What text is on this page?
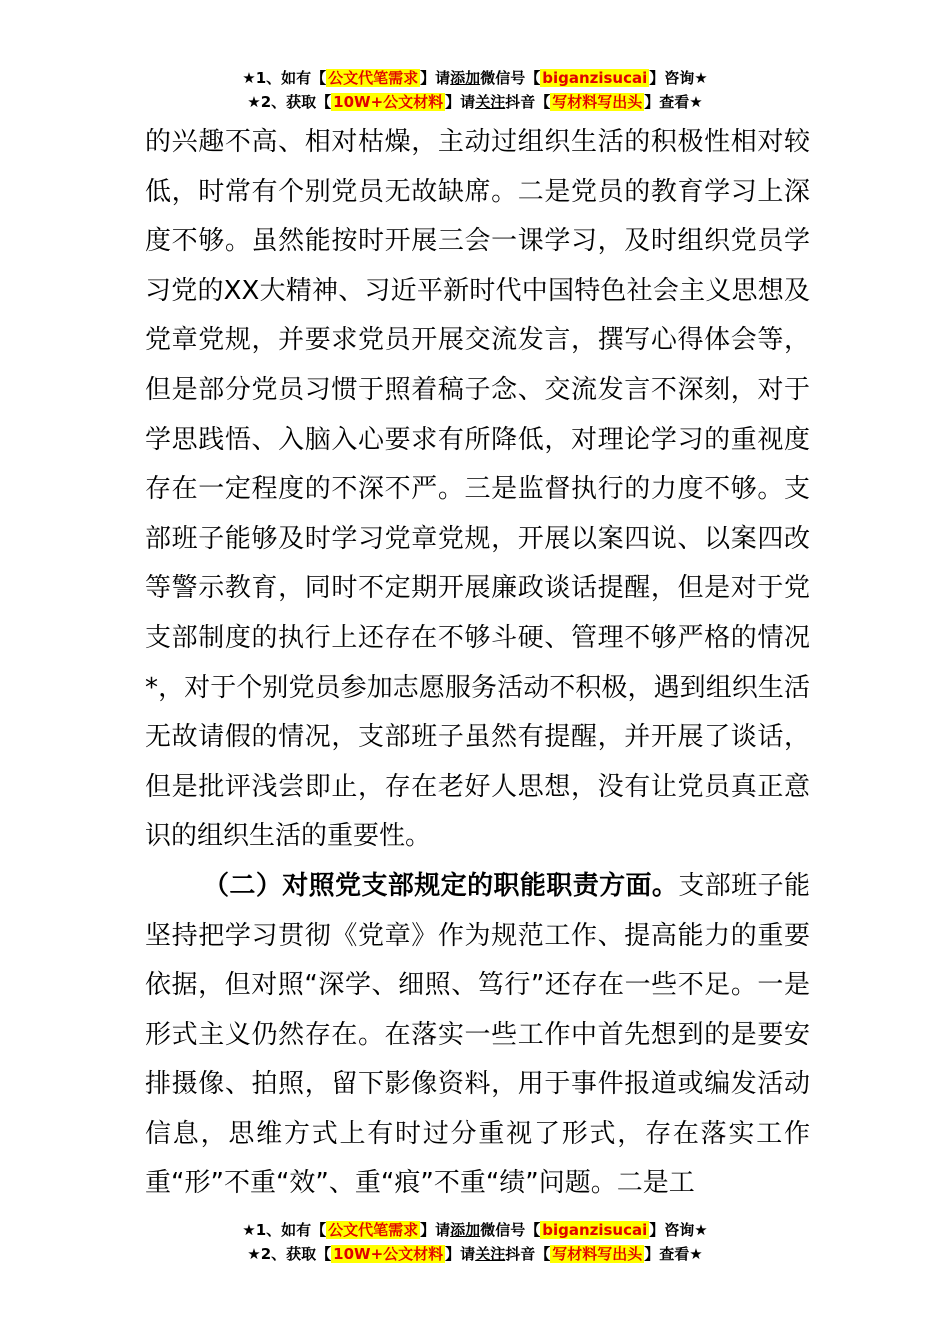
★1、如有【 公文代笔需求 】请添加微信号【 biganzisucai 】咨询★
★2、获取【 10W+公文材料 】请关注抖音【 写材料写出头 】查看★

的兴趣不高、相对枯燥，主动过组织生活的积极性相对较低，时常有个别党员无故缺席。二是党员的教育学习上深度不够。虽然能按时开展三会一课学习，及时组织党员学习党的XX大精神、习近平新时代中国特色社会主义思想及党章党规，并要求党员开展交流发言，撰写心得体会等，但是部分党员习惯于照着稿子念、交流发言不深刻，对于学思践悟、入脑入心要求有所降低，对理论学习的重视度存在一定程度的不深不严。三是监督执行的力度不够。支部班子能够及时学习党章党规，开展以案四说、以案四改等警示教育，同时不定期开展廉政谈话提醒，但是对于党支部制度的执行上还存在不够斗硬、管理不够严格的情况*，对于个别党员参加志愿服务活动不积极，遇到组织生活无故请假的情况，支部班子虽然有提醒，并开展了谈话，但是批评浅尝即止，存在老好人思想，没有让党员真正意识的组织生活的重要性。

（二）对照党支部规定的职能职责方面。支部班子能坚持把学习贯彻《党章》作为规范工作、提高能力的重要依据，但对照“深学、细照、笃行”还存在一些不足。一是形式主义仍然存在。在落实一些工作中首先想到的是要安排摄像、拍照，留下影像资料，用于事件报道或编发活动信息，思维方式上有时过分重视了形式，存在落实工作重“形”不重“效”、重“痕”不重“绩”问题。二是工

★1、如有【 公文代笔需求 】请添加微信号【 biganzisucai 】咨询★
★2、获取【 10W+公文材料 】请关注抖音【 写材料写出头 】查看★
